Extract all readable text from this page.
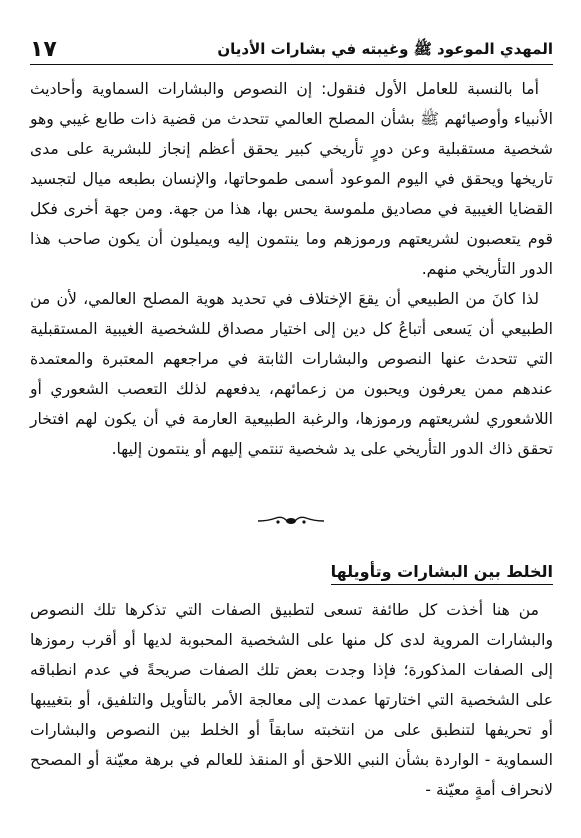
المهدي الموعود ﷺ وغيبته في بشارات الأديان
١٧

أما بالنسبة للعامل الأول فنقول: إن النصوص والبشارات السماوية وأحاديث الأنبياء وأوصيائهم ﷺ بشأن المصلح العالمي تتحدث من قضية ذات طابع غيبي وهو شخصية مستقبلية وعن دورٍ تأريخي كبير يحقق أعظم إنجاز للبشرية على مدى تاريخها ويحقق في اليوم الموعود أسمى طموحاتها، والإنسان بطبعه ميال لتجسيد القضايا الغيبية في مصاديق ملموسة يحس بها، هذا من جهة. ومن جهة أخرى فكل قوم يتعصبون لشريعتهم ورموزهم وما ينتمون إليه ويميلون أن يكون صاحب هذا الدور التأريخي منهم.

لذا كانَ من الطبيعي أن يقعَ الإختلاف في تحديد هوية المصلح العالمي، لأن من الطبيعي أن يَسعى أتباعُ كل دين إلى اختيار مصداق للشخصية الغيبية المستقبلية التي تتحدث عنها النصوص والبشارات الثابتة في مراجعهم المعتبرة والمعتمدة عندهم ممن يعرفون ويحبون من زعمائهم، يدفعهم لذلك التعصب الشعوري أو اللاشعوري لشريعتهم ورموزها، والرغبة الطبيعية العارمة في أن يكون لهم افتخار تحقق ذاك الدور التأريخي على يد شخصية تنتمي إليهم أو ينتمون إليها.

الخلط بين البشارات وتأويلها

من هنا أخذت كل طائفة تسعى لتطبيق الصفات التي تذكرها تلك النصوص والبشارات المروية لدى كل منها على الشخصية المحبوبة لديها أو أقرب رموزها إلى الصفات المذكورة؛ فإذا وجدت بعض تلك الصفات صريحةً في عدم انطباقه على الشخصية التي اختارتها عمدت إلى معالجة الأمر بالتأويل والتلفيق، أو بتغييبها أو تحريفها لتنطبق على من انتخبته سابقاً أو الخلط بين النصوص والبشارات السماوية - الواردة بشأن النبي اللاحق أو المنقذ للعالم في برهة معيّنة أو المصحح لانحراف أمةٍ معيّنة -
